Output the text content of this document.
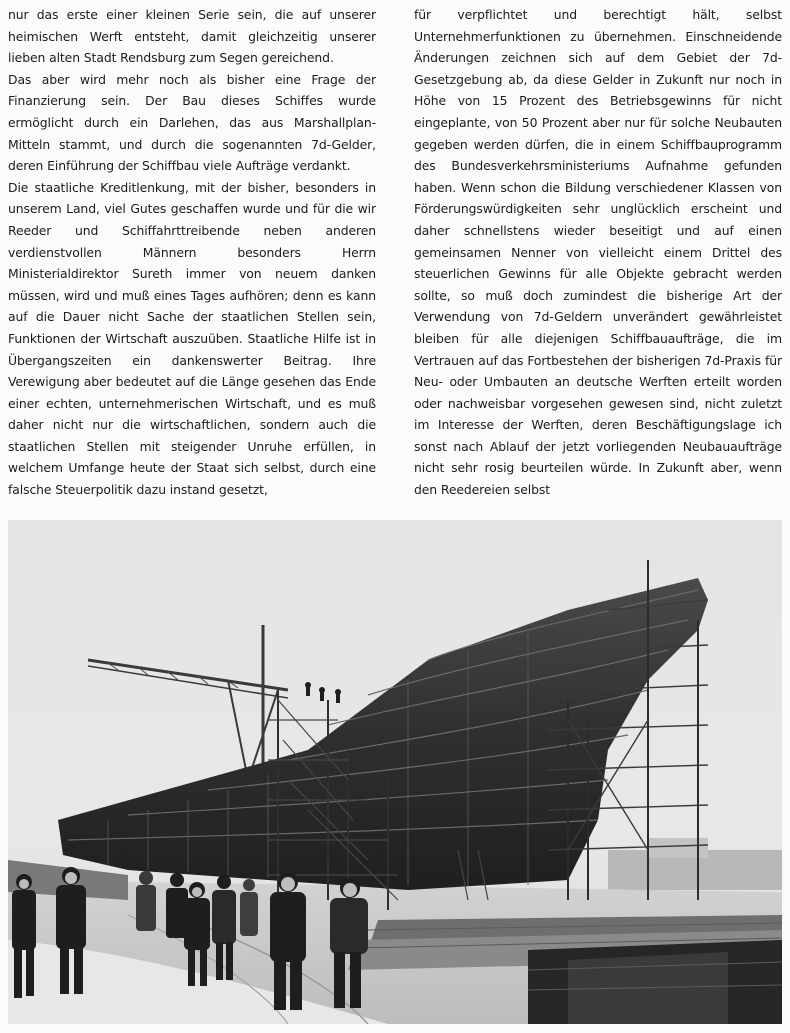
nur das erste einer kleinen Serie sein, die auf unserer heimischen Werft entsteht, damit gleichzeitig unserer lieben alten Stadt Rendsburg zum Segen gereichend.

Das aber wird mehr noch als bisher eine Frage der Finanzierung sein. Der Bau dieses Schiffes wurde ermöglicht durch ein Darlehen, das aus Marshallplan-Mitteln stammt, und durch die sogenannten 7d-Gelder, deren Einführung der Schiffbau viele Aufträge verdankt.

Die staatliche Kreditlenkung, mit der bisher, besonders in unserem Land, viel Gutes geschaffen wurde und für die wir Reeder und Schiffahrttreibende neben anderen verdienstvollen Männern besonders Herrn Ministerialdirektor Sureth immer von neuem danken müssen, wird und muß eines Tages aufhören; denn es kann auf die Dauer nicht Sache der staatlichen Stellen sein, Funktionen der Wirtschaft auszuüben. Staatliche Hilfe ist in Übergangszeiten ein dankenswerter Beitrag. Ihre Verewigung aber bedeutet auf die Länge gesehen das Ende einer echten, unternehmerischen Wirtschaft, und es muß daher nicht nur die wirtschaftlichen, sondern auch die staatlichen Stellen mit steigender Unruhe erfüllen, in welchem Umfange heute der Staat sich selbst, durch eine falsche Steuerpolitik dazu instand gesetzt,

für verpflichtet und berechtigt hält, selbst Unternehmerfunktionen zu übernehmen. Einschneidende Änderungen zeichnen sich auf dem Gebiet der 7d-Gesetzgebung ab, da diese Gelder in Zukunft nur noch in Höhe von 15 Prozent des Betriebsgewinns für nicht eingeplante, von 50 Prozent aber nur für solche Neubauten gegeben werden dürfen, die in einem Schiffbauprogramm des Bundesverkehrsministeriums Aufnahme gefunden haben. Wenn schon die Bildung verschiedener Klassen von Förderungswürdigkeiten sehr unglücklich erscheint und daher schnellstens wieder beseitigt und auf einen gemeinsamen Nenner von vielleicht einem Drittel des steuerlichen Gewinns für alle Objekte gebracht werden sollte, so muß doch zumindest die bisherige Art der Verwendung von 7d-Geldern unverändert gewährleistet bleiben für alle diejenigen Schiffbauaufträge, die im Vertrauen auf das Fortbestehen der bisherigen 7d-Praxis für Neu- oder Umbauten an deutsche Werften erteilt worden oder nachweisbar vorgesehen gewesen sind, nicht zuletzt im Interesse der Werften, deren Beschäftigungslage ich sonst nach Ablauf der jetzt vorliegenden Neubauaufträge nicht sehr rosig beurteilen würde. In Zukunft aber, wenn den Reedereien selbst
